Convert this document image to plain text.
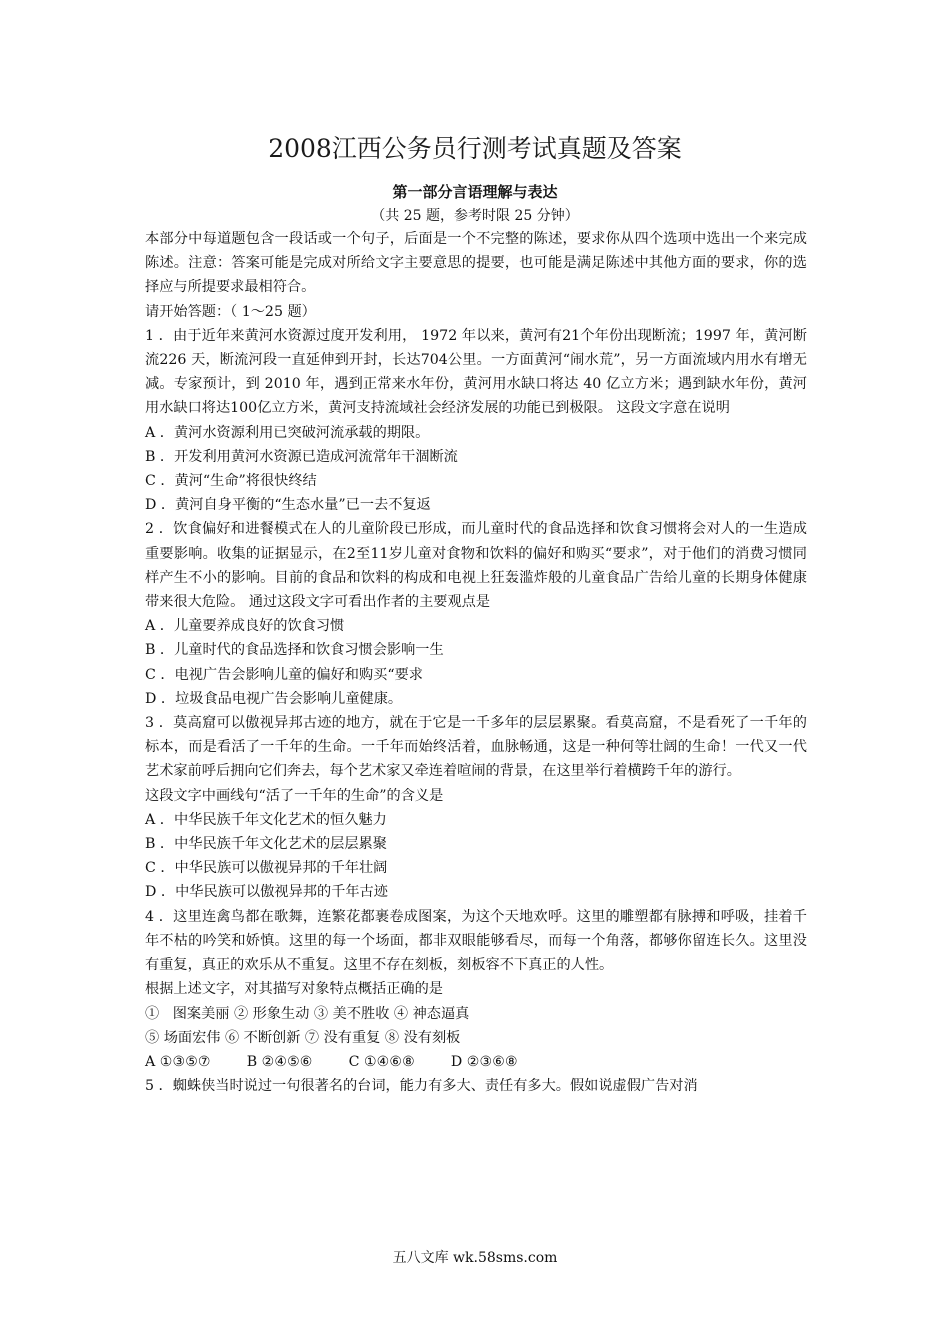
2008江西公务员行测考试真题及答案
第一部分言语理解与表达
（共 25 题，参考时限 25 分钟）

本部分中每道题包含一段话或一个句子，后面是一个不完整的陈述，要求你从四个选项中选出一个来完成陈述。注意：答案可能是完成对所给文字主要意思的提要，也可能是满足陈述中其他方面的要求，你的选择应与所提要求最相符合。

请开始答题：（ 1～25 题）

1 ．由于近年来黄河水资源过度开发利用， 1972 年以来，黄河有21个年份出现断流；1997 年，黄河断流226 天，断流河段一直延伸到开封，长达704公里。一方面黄河“闹水荒”，另一方面流域内用水有增无减。专家预计，到 2010 年，遇到正常来水年份，黄河用水缺口将达 40 亿立方米；遇到缺水年份，黄河用水缺口将达100亿立方米，黄河支持流域社会经济发展的功能已到极限。 这段文字意在说明

A ．黄河水资源利用已突破河流承载的期限。

B ．开发利用黄河水资源已造成河流常年干涸断流

C ．黄河“生命”将很快终结

D ．黄河自身平衡的“生态水量”已一去不复返

2 ．饮食偏好和进餐模式在人的儿童阶段已形成，而儿童时代的食品选择和饮食习惯将会对人的一生造成重要影响。收集的证据显示，在2至11岁儿童对食物和饮料的偏好和购买“要求”，对于他们的消费习惯同样产生不小的影响。目前的食品和饮料的构成和电视上狂轰滥炸般的儿童食品广告给儿童的长期身体健康带来很大危险。 通过这段文字可看出作者的主要观点是

A ．儿童要养成良好的饮食习惯

B ．儿童时代的食品选择和饮食习惯会影响一生

C ．电视广告会影响儿童的偏好和购买“要求

D ．垃圾食品电视广告会影响儿童健康。

3 ．莫高窟可以傲视异邦古迹的地方，就在于它是一千多年的层层累聚。看莫高窟，不是看死了一千年的标本，而是看活了一千年的生命。一千年而始终活着，血脉畅通，这是一种何等壮阔的生命！一代又一代艺术家前呼后拥向它们奔去，每个艺术家又牵连着喧闹的背景，在这里举行着横跨千年的游行。

这段文字中画线句“活了一千年的生命”的含义是

A ．中华民族千年文化艺术的恒久魅力

B ．中华民族千年文化艺术的层层累聚

C ．中华民族可以傲视异邦的千年壮阔

D ．中华民族可以傲视异邦的千年古迹

4 ．这里连禽鸟都在歌舞，连繁花都裹卷成图案，为这个天地欢呼。这里的雕塑都有脉搏和呼吸，挂着千年不枯的吟笑和娇慎。这里的每一个场面，都非双眼能够看尽，而每一个角落，都够你留连长久。这里没有重复，真正的欢乐从不重复。这里不存在刻板，刻板容不下真正的人性。

根据上述文字，对其描写对象特点概括正确的是

①   图案美丽 ② 形象生动 ③ 美不胜收 ④ 神态逼真

⑤ 场面宏伟 ⑥ 不断创新 ⑦ 没有重复 ⑧ 没有刻板

A ①③⑤⑦        B ②④⑤⑥        C ①④⑥⑧        D ②③⑥⑧

5 ．蜘蛛侠当时说过一句很著名的台词，能力有多大、责任有多大。假如说虚假广告对消

五八文库 wk.58sms.com
